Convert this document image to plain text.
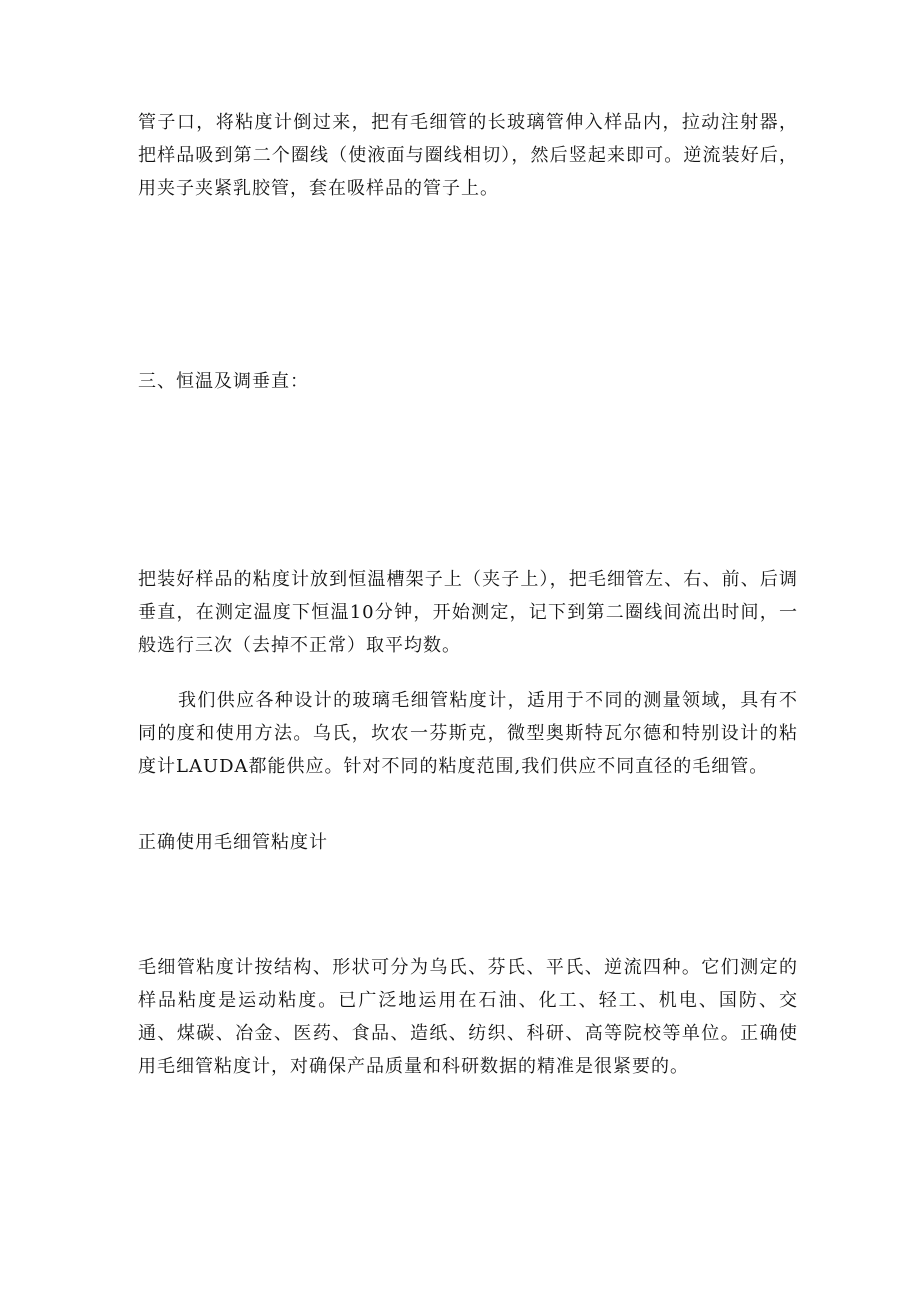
管子口，将粘度计倒过来，把有毛细管的长玻璃管伸入样品内，拉动注射器，把样品吸到第二个圈线（使液面与圈线相切），然后竖起来即可。逆流装好后，用夹子夹紧乳胶管，套在吸样品的管子上。

三、恒温及调垂直：

把装好样品的粘度计放到恒温槽架子上（夹子上），把毛细管左、右、前、后调垂直，在测定温度下恒温10分钟，开始测定，记下到第二圈线间流出时间，一般选行三次（去掉不正常）取平均数。

我们供应各种设计的玻璃毛细管粘度计，适用于不同的测量领域，具有不同的度和使用方法。乌氏，坎农一芬斯克，微型奥斯特瓦尔德和特别设计的粘度计LAUDA都能供应。针对不同的粘度范围,我们供应不同直径的毛细管。

正确使用毛细管粘度计

毛细管粘度计按结构、形状可分为乌氏、芬氏、平氏、逆流四种。它们测定的样品粘度是运动粘度。已广泛地运用在石油、化工、轻工、机电、国防、交通、煤碳、冶金、医药、食品、造纸、纺织、科研、高等院校等单位。正确使用毛细管粘度计，对确保产品质量和科研数据的精准是很紧要的。
